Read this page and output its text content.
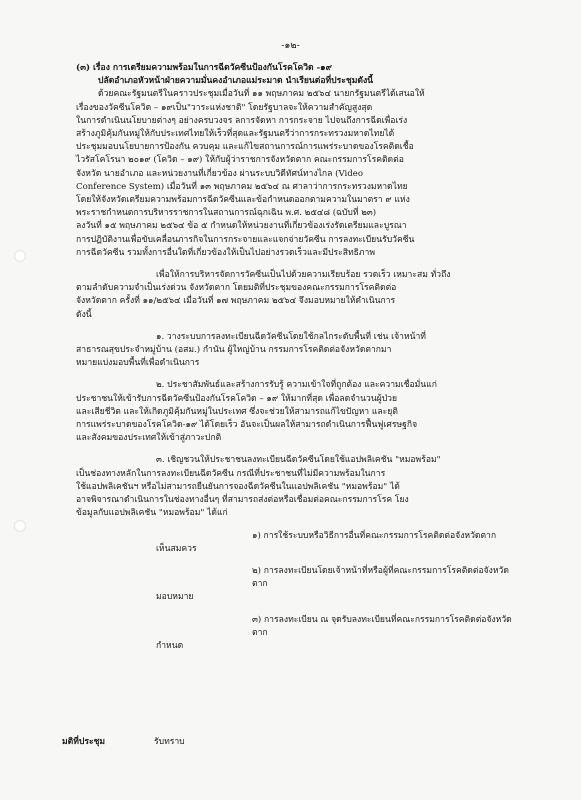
-๑๒-

(๓) เรื่อง การเตรียมความพร้อมในการฉีดวัคซีนป้องกันโรคโควิด -๑๙

ปลัดอำเภอหัวหน้าฝ่ายความมั่นคงอำเภอแม่ระมาด นำเรียนต่อที่ประชุมดังนี้

ด้วยคณะรัฐมนตรีในคราวประชุมเมื่อวันที่ ๑๑ พฤษภาคม ๒๕๖๔ นายกรัฐมนตรีได้เสนอให้

เรื่องของวัคซีนโควิด – ๑๙เป็น"วาระแห่งชาติ" โดยรัฐบาลจะให้ความสำคัญสูงสุด

ในการดำเนินนโยบายต่างๆ อย่างครบวงจร ลการจัดหา การกระจาย ไปจนถึงการฉีดเพื่อเร่ง

สร้างภูมิคุ้มกันหมู่ให้กับประเทศไทยให้เร็วที่สุดและรัฐมนตรีว่าการกระทรวงมหาดไทยได้

ประชุมมอบนโยบายการป้องกัน ควบคุม และแก้ไขสถานการณ์การแพร่ระบาดของโรคติดเชื้อ

ไวรัสโคโรนา ๒๐๑๙ (โควิด – ๑๙) ให้กับผู้ว่าราชการจังหวัดตาก คณะกรรมการโรคติดต่อ

จังหวัด นายอำเภอ และหน่วยงานที่เกี่ยวข้อง ผ่านระบบวิดีทัศน์ทางไกล (Video

Conference System) เมื่อวันที่ ๑๓ พฤษภาคม ๒๕๖๔ ณ ศาลาว่าการกระทรวงมหาดไทย

โดยให้จังหวัดเตรียมความพร้อมการฉีดวัคซีนและข้อกำหนดออกตามความในมาตรา ๙ แห่ง

พระราชกำหนดการบริหารราชการในสถานการณ์ฉุกเฉิน พ.ศ. ๒๕๔๘ (ฉบับที่ ๒๓)

ลงวันที่ ๑๕ พฤษภาคม ๒๕๖๔ ข้อ ๕ กำหนดให้หน่วยงานที่เกี่ยวข้องเร่งรัดเตรียมและบูรณา

การปฏิบัติงานเพื่อขับเคลื่อนภารกิจในการกระจายและแจกจ่ายวัคซีน การลงทะเบียนรับวัคซีน

การฉีดวัคซีน รวมทั้งการอื่นใดที่เกี่ยวข้องให้เป็นไปอย่างรวดเร็วและมีประสิทธิภาพ

เพื่อให้การบริหารจัดการวัคซีนเป็นไปด้วยความเรียบร้อย รวดเร็ว เหมาะสม ทั่วถึง

ตามลำดับความจำเป็นเร่งด่วน จังหวัดตาก โดยมติที่ประชุมของคณะกรรมการโรคติดต่อ

จังหวัดตาก ครั้งที่ ๑๑/๒๕๖๔ เมื่อวันที่ ๑๗ พฤษภาคม ๒๕๖๔ จึงมอบหมายให้ดำเนินการ

ดังนี้

๑. วางระบบการลงทะเบียนฉีดวัคซีนโดยใช้กลไกระดับพื้นที่ เช่น เจ้าหน้าที่

สาธารณสุขประจำหมู่บ้าน (อสม.) กำนัน ผู้ใหญ่บ้าน กรรมการโรคติดต่อจังหวัดตากมา

หมายแบ่งมอบพื้นที่เพื่อดำเนินการ

๒. ประชาสัมพันธ์และสร้างการรับรู้ ความเข้าใจที่ถูกต้อง และความเชื่อมั่นแก่

ประชาชนให้เข้ารับการฉีดวัคซีนป้องกันโรคโควิด – ๑๙ ให้มากที่สุด เพื่อลดจำนวนผู้ป่วย

และเสียชีวิต และให้เกิดภูมิคุ้มกันหมู่ในประเทศ ซึ่งจะช่วยให้สามารถแก้ไขปัญหา และยุติ

การแพร่ระบาดของโรคโควิด-๑๙ ได้โดยเร็ว อันจะเป็นผลให้สามารถดำเนินการฟื้นฟูเศรษฐกิจ

และสังคมของประเทศให้เข้าสู่ภาวะปกติ

๓. เชิญชวนให้ประชาชนลงทะเบียนฉีดวัคซีนโดยใช้แอปพลิเคชัน "หมอพร้อม"

เป็นช่องทางหลักในการลงทะเบียนฉีดวัคซีน กรณีที่ประชาชนที่ไม่มีความพร้อมในการ

ใช้แอปพลิเคชันฯ หรือไม่สามารถยืนยันการจองฉีดวัคซีนในแอปพลิเคชัน "หมอพร้อม" ได้

อาจพิจารณาดำเนินการในช่องทางอื่นๆ ที่สามารถส่งต่อหรือเชื่อมต่อคณะกรรมการโรค โยง

ข้อมูลกับแอปพลิเคชัน "หมอพร้อม" ได้แก่

๑) การใช้ระบบหรือวิธีการอื่นที่คณะกรรมการโรคติดต่อจังหวัดตาก

เห็นสมควร

๒) การลงทะเบียนโดยเจ้าหน้าที่หรือผู้ที่คณะกรรมการโรคติดต่อจังหวัดตาก

มอบหมาย

๓) การลงทะเบียน ณ จุดรับลงทะเบียนที่คณะกรรมการโรคติดต่อจังหวัดตาก

กำหนด

มติที่ประชุม	รับทราบ
